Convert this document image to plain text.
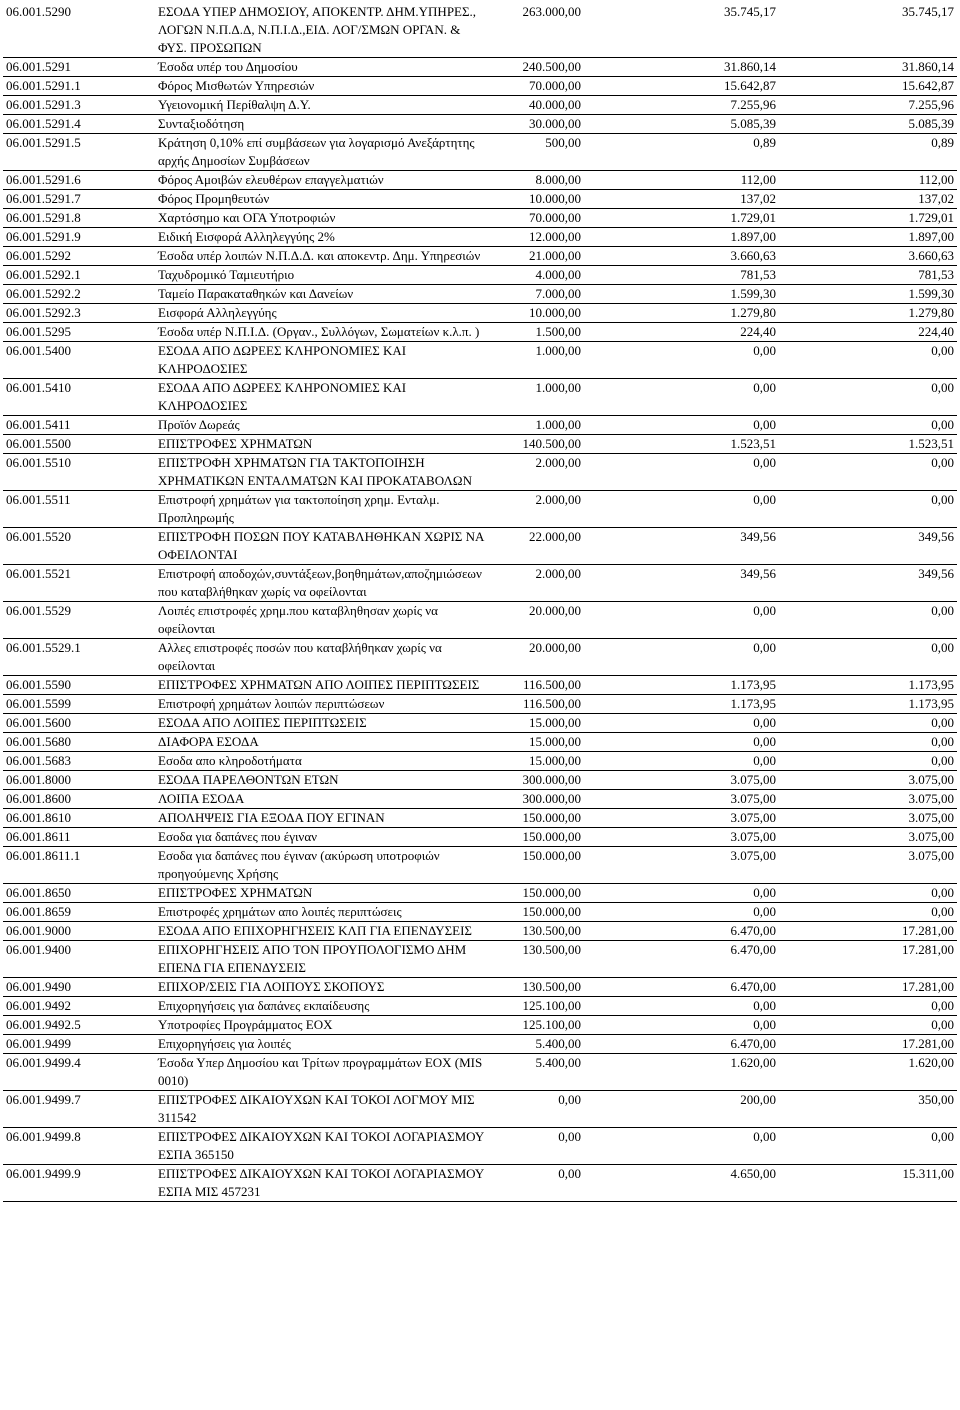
06.001.5290	ΕΣΟΔΑ ΥΠΕΡ ΔΗΜΟΣΙΟΥ, ΑΠΟΚΕΝΤΡ. ΔΗΜ.ΥΠΗΡΕΣ., ΛΟΓΩΝ Ν.Π.Δ.Δ, Ν.Π.Ι.Δ.,ΕΙΔ. ΛΟΓ/ΣΜΩΝ ΟΡΓΑΝ. & ΦΥΣ. ΠΡΟΣΩΠΩΝ	263.000,00	35.745,17	35.745,17
06.001.5291	Έσοδα υπέρ του Δημοσίου	240.500,00	31.860,14	31.860,14
06.001.5291.1	Φόρος Μισθωτών Υπηρεσιών	70.000,00	15.642,87	15.642,87
06.001.5291.3	Υγειονομική Περίθαλψη Δ.Υ.	40.000,00	7.255,96	7.255,96
06.001.5291.4	Συνταξιοδότηση	30.000,00	5.085,39	5.085,39
06.001.5291.5	Κράτηση 0,10% επί συμβάσεων για λογαρισμό Ανεξάρτητης αρχής Δημοσίων Συμβάσεων	500,00	0,89	0,89
06.001.5291.6	Φόρος Αμοιβών ελευθέρων επαγγελματιών	8.000,00	112,00	112,00
06.001.5291.7	Φόρος Προμηθευτών	10.000,00	137,02	137,02
06.001.5291.8	Χαρτόσημο και ΟΓΑ Υποτροφιών	70.000,00	1.729,01	1.729,01
06.001.5291.9	Ειδική Εισφορά Αλληλεγγύης 2%	12.000,00	1.897,00	1.897,00
06.001.5292	Έσοδα υπέρ λοιπών Ν.Π.Δ.Δ. και αποκεντρ. Δημ. Υπηρεσιών	21.000,00	3.660,63	3.660,63
06.001.5292.1	Ταχυδρομικό Ταμιευτήριο	4.000,00	781,53	781,53
06.001.5292.2	Ταμείο Παρακαταθηκών και Δανείων	7.000,00	1.599,30	1.599,30
06.001.5292.3	Εισφορά Αλληλεγγύης	10.000,00	1.279,80	1.279,80
06.001.5295	Έσοδα υπέρ Ν.Π.Ι.Δ. (Οργαν., Συλλόγων, Σωματείων κ.λ.π. )	1.500,00	224,40	224,40
06.001.5400	ΕΣΟΔΑ ΑΠΟ ΔΩΡΕΕΣ ΚΛΗΡΟΝΟΜΙΕΣ ΚΑΙ ΚΛΗΡΟΔΟΣΙΕΣ	1.000,00	0,00	0,00
06.001.5410	ΕΣΟΔΑ ΑΠΟ ΔΩΡΕΕΣ ΚΛΗΡΟΝΟΜΙΕΣ ΚΑΙ ΚΛΗΡΟΔΟΣΙΕΣ	1.000,00	0,00	0,00
06.001.5411	Προϊόν Δωρεάς	1.000,00	0,00	0,00
06.001.5500	ΕΠΙΣΤΡΟΦΕΣ ΧΡΗΜΑΤΩΝ	140.500,00	1.523,51	1.523,51
06.001.5510	ΕΠΙΣΤΡΟΦΗ ΧΡΗΜΑΤΩΝ ΓΙΑ ΤΑΚΤΟΠΟΙΗΣΗ ΧΡΗΜΑΤΙΚΩΝ ΕΝΤΑΛΜΑΤΩΝ ΚΑΙ ΠΡΟΚΑΤΑΒΟΛΩΝ	2.000,00	0,00	0,00
06.001.5511	Επιστροφή χρημάτων για τακτοποίηση χρημ. Ενταλμ. Προπληρωμής	2.000,00	0,00	0,00
06.001.5520	ΕΠΙΣΤΡΟΦΗ ΠΟΣΩΝ ΠΟΥ ΚΑΤΑΒΛΗΘΗΚΑΝ ΧΩΡΙΣ ΝΑ ΟΦΕΙΛΟΝΤΑΙ	22.000,00	349,56	349,56
06.001.5521	Επιστροφή αποδοχών,συντάξεων,βοηθημάτων,αποζημιώσεων που καταβλήθηκαν χωρίς να οφείλονται	2.000,00	349,56	349,56
06.001.5529	Λοιπές επιστροφές χρημ.που καταβληθησαν χωρίς να οφείλονται	20.000,00	0,00	0,00
06.001.5529.1	Αλλες επιστροφές ποσών που καταβλήθηκαν χωρίς να οφείλονται	20.000,00	0,00	0,00
06.001.5590	ΕΠΙΣΤΡΟΦΕΣ ΧΡΗΜΑΤΩΝ ΑΠΟ ΛΟΙΠΕΣ ΠΕΡΙΠΤΩΣΕΙΣ	116.500,00	1.173,95	1.173,95
06.001.5599	Επιστροφή χρημάτων λοιπών περιπτώσεων	116.500,00	1.173,95	1.173,95
06.001.5600	ΕΣΟΔΑ ΑΠΟ ΛΟΙΠΕΣ ΠΕΡΙΠΤΩΣΕΙΣ	15.000,00	0,00	0,00
06.001.5680	ΔΙΑΦΟΡΑ ΕΣΟΔΑ	15.000,00	0,00	0,00
06.001.5683	Εσοδα απο κληροδοτήματα	15.000,00	0,00	0,00
06.001.8000	ΕΣΟΔΑ ΠΑΡΕΛΘΟΝΤΩΝ ΕΤΩΝ	300.000,00	3.075,00	3.075,00
06.001.8600	ΛΟΙΠΑ ΕΣΟΔΑ	300.000,00	3.075,00	3.075,00
06.001.8610	ΑΠΟΛΗΨΕΙΣ ΓΙΑ ΕΞΟΔΑ ΠΟΥ ΕΓΙΝΑΝ	150.000,00	3.075,00	3.075,00
06.001.8611	Εσοδα για δαπάνες που έγιναν	150.000,00	3.075,00	3.075,00
06.001.8611.1	Εσοδα για δαπάνες που έγιναν (ακύρωση υποτροφιών προηγούμενης Χρήσης	150.000,00	3.075,00	3.075,00
06.001.8650	ΕΠΙΣΤΡΟΦΕΣ ΧΡΗΜΑΤΩΝ	150.000,00	0,00	0,00
06.001.8659	Επιστροφές χρημάτων απο λοιπές περιπτώσεις	150.000,00	0,00	0,00
06.001.9000	ΕΣΟΔΑ ΑΠΟ ΕΠΙΧΟΡΗΓΗΣΕΙΣ ΚΛΠ ΓΙΑ ΕΠΕΝΔΥΣΕΙΣ	130.500,00	6.470,00	17.281,00
06.001.9400	ΕΠΙΧΟΡΗΓΗΣΕΙΣ ΑΠΟ ΤΟΝ ΠΡΟΥΠΟΛΟΓΙΣΜΟ ΔΗΜ ΕΠΕΝΔ ΓΙΑ ΕΠΕΝΔΥΣΕΙΣ	130.500,00	6.470,00	17.281,00
06.001.9490	ΕΠΙΧΟΡ/ΣΕΙΣ ΓΙΑ ΛΟΙΠΟΥΣ ΣΚΟΠΟΥΣ	130.500,00	6.470,00	17.281,00
06.001.9492	Επιχορηγήσεις για δαπάνες εκπαίδευσης	125.100,00	0,00	0,00
06.001.9492.5	Υποτροφίες Προγράμματος ΕΟΧ	125.100,00	0,00	0,00
06.001.9499	Επιχορηγήσεις για λοιπές	5.400,00	6.470,00	17.281,00
06.001.9499.4	Έσοδα Υπερ Δημοσίου και Τρίτων προγραμμάτων ΕΟΧ (MIS 0010)	5.400,00	1.620,00	1.620,00
06.001.9499.7	ΕΠΙΣΤΡΟΦΕΣ ΔΙΚΑΙΟΥΧΩΝ ΚΑΙ ΤΟΚΟΙ ΛΟΓΜΟΥ ΜΙΣ 311542	0,00	200,00	350,00
06.001.9499.8	ΕΠΙΣΤΡΟΦΕΣ ΔΙΚΑΙΟΥΧΩΝ ΚΑΙ ΤΟΚΟΙ ΛΟΓΑΡΙΑΣΜΟΥ ΕΣΠΑ 365150	0,00	0,00	0,00
06.001.9499.9	ΕΠΙΣΤΡΟΦΕΣ ΔΙΚΑΙΟΥΧΩΝ ΚΑΙ ΤΟΚΟΙ ΛΟΓΑΡΙΑΣΜΟΥ ΕΣΠΑ ΜΙΣ 457231	0,00	4.650,00	15.311,00
